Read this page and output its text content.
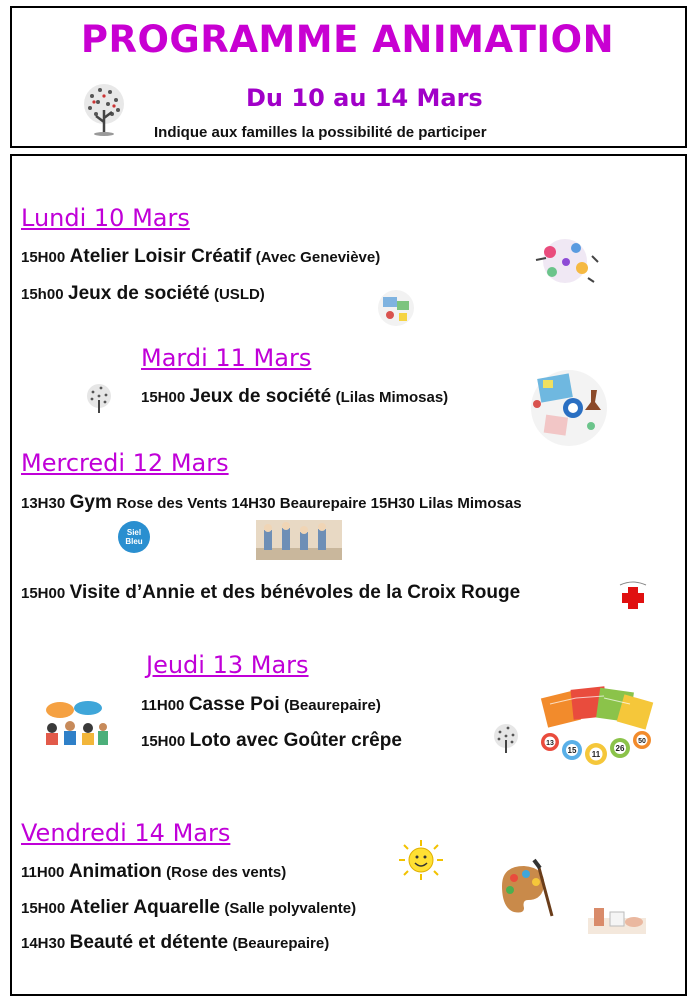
PROGRAMME ANIMATION
Du 10 au 14 Mars
Indique aux familles la possibilité de participer
Lundi 10 Mars
15H00 Atelier Loisir Créatif (Avec Geneviève)
15h00 Jeux de société (USLD)
Mardi 11 Mars
15H00 Jeux de société (Lilas Mimosas)
Mercredi 12 Mars
13H30 Gym Rose des Vents 14H30 Beaurepaire 15H30 Lilas Mimosas
Siel Bleu
15H00 Visite d’Annie et des bénévoles de la Croix Rouge
Jeudi 13 Mars
11H00 Casse Poi (Beaurepaire)
15H00 Loto avec Goûter crêpe	13
15 11
26
50
Vendredi 14 Mars
11H00 Animation (Rose des vents)
15H00 Atelier Aquarelle (Salle polyvalente)
14H30 Beauté et détente (Beaurepaire)
